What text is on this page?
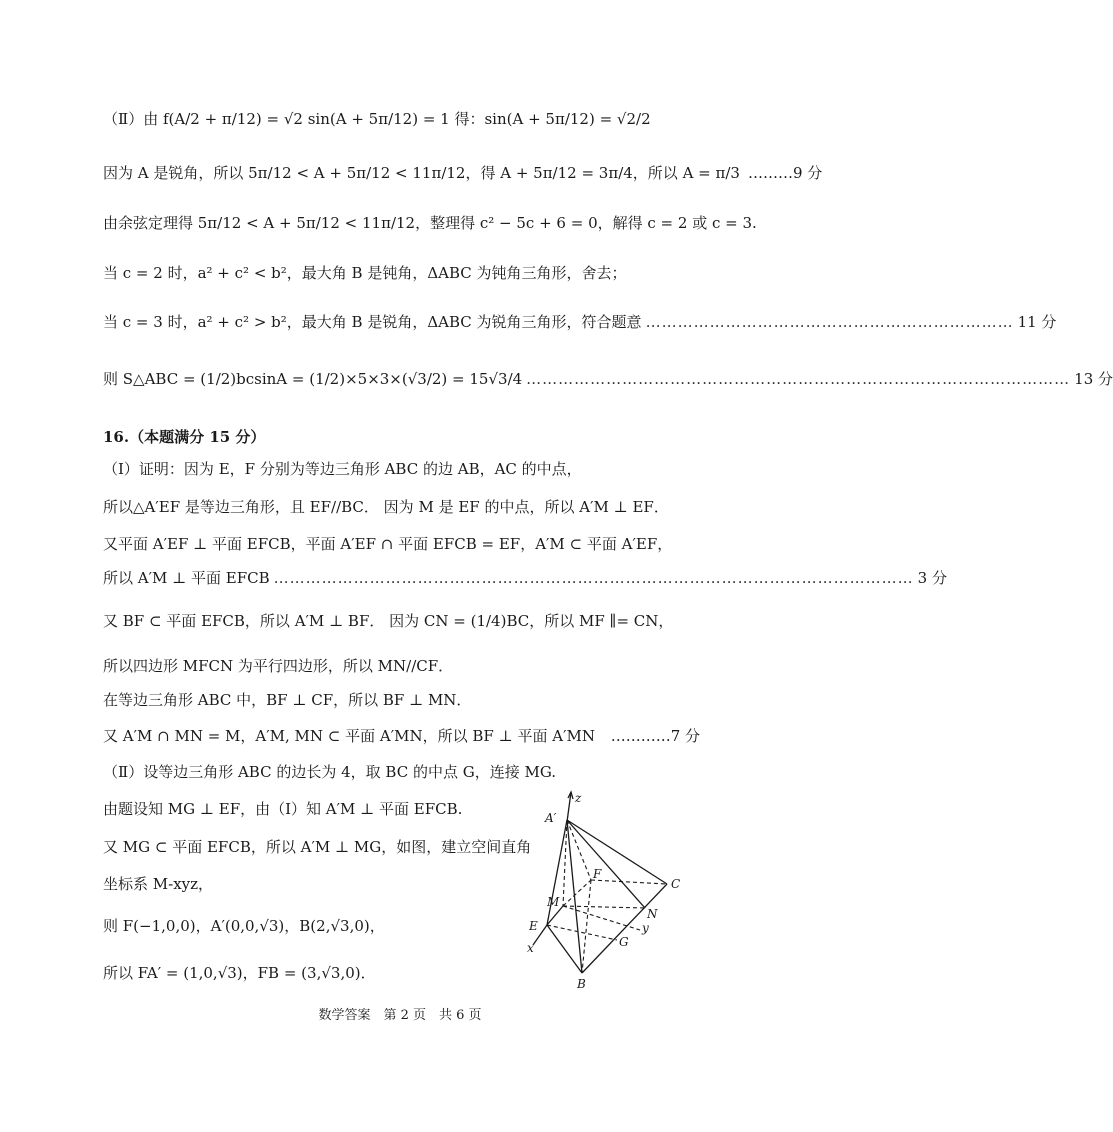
（Ⅱ）由 f(A/2 + π/12) = √2 sin(A + 5π/12) = 1 得：sin(A + 5π/12) = √2/2
因为 A 是锐角，所以 5π/12 < A + 5π/12 < 11π/12，得 A + 5π/12 = 3π/4，所以 A = π/3 ………9 分
由余弦定理得 5π/12 < A + 5π/12 < 11π/12，整理得 c² − 5c + 6 = 0，解得 c = 2 或 c = 3.
当 c = 2 时，a² + c² < b²，最大角 B 是钝角，ΔABC 为钝角三角形，舍去；
当 c = 3 时，a² + c² > b²，最大角 B 是锐角，ΔABC 为锐角三角形，符合题意 …………………………………………………………… 11 分
则 S△ABC = (1/2)bcsinA = (1/2)×5×3×(√3/2) = 15√3/4 ………………………………………………………………………………………… 13 分
16.（本题满分 15 分）
（Ⅰ）证明：因为 E，F 分别为等边三角形 ABC 的边 AB，AC 的中点，
所以△A′EF 是等边三角形，且 EF//BC． 因为 M 是 EF 的中点，所以 A′M ⊥ EF．
又平面 A′EF ⊥ 平面 EFCB，平面 A′EF ∩ 平面 EFCB = EF，A′M ⊂ 平面 A′EF，
所以 A′M ⊥ 平面 EFCB ………………………………………………………………………………………………………… 3 分
又 BF ⊂ 平面 EFCB，所以 A′M ⊥ BF． 因为 CN = (1/4)BC，所以 MF ∥= CN，
所以四边形 MFCN 为平行四边形，所以 MN//CF．
在等边三角形 ABC 中，BF ⊥ CF，所以 BF ⊥ MN．
又 A′M ∩ MN = M，A′M, MN ⊂ 平面 A′MN，所以 BF ⊥ 平面 A′MN …………7 分
（Ⅱ）设等边三角形 ABC 的边长为 4，取 BC 的中点 G，连接 MG.
由题设知 MG ⊥ EF，由（Ⅰ）知 A′M ⊥ 平面 EFCB.
又 MG ⊂ 平面 EFCB，所以 A′M ⊥ MG，如图，建立空间直角
坐标系 M-xyz，
则 F(−1,0,0)，A′(0,0,√3)，B(2,√3,0)，
所以 FA′ = (1,0,√3)，FB = (3,√3,0)．
z
A′
F
C
M
N
E
G
y
x
B
数学答案　第 2 页　共 6 页
